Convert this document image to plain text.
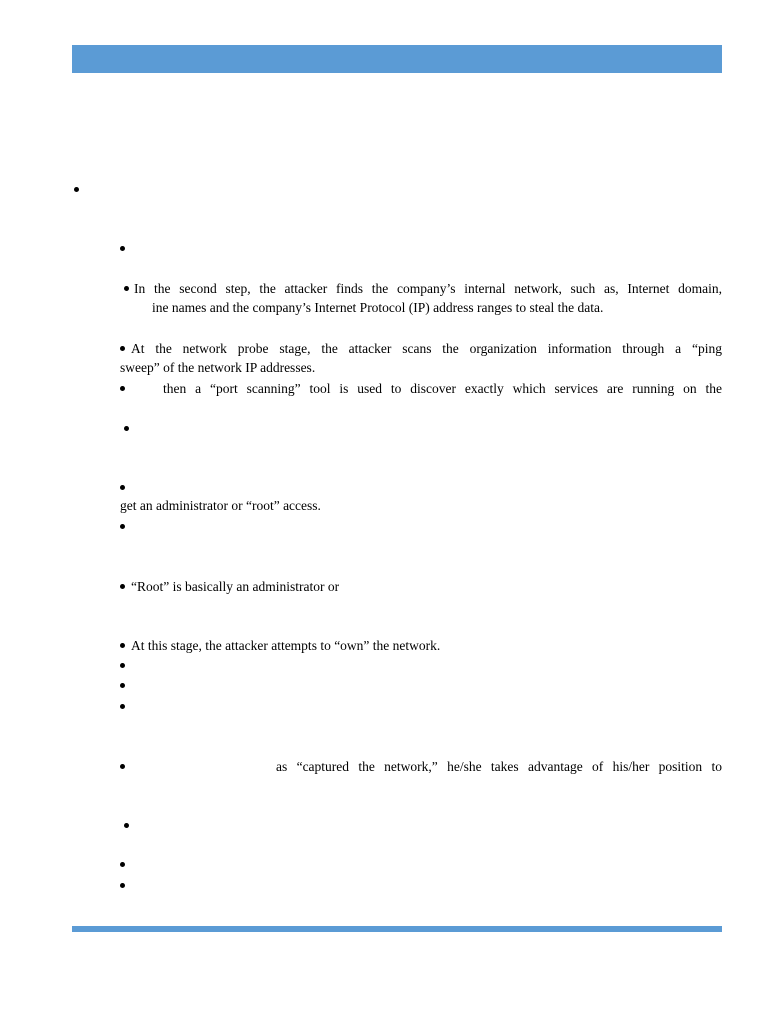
In the second step, the attacker finds the company’s internal network, such as, Internet domain,
ine names and the company’s Internet Protocol (IP) address ranges to steal the data.
At the network probe stage, the attacker scans the organization information through a “ping
sweep” of the network IP addresses.
then a “port scanning” tool is used to discover exactly which services are running on the
get an administrator or “root” access.
“Root” is basically an administrator or
At this stage, the attacker attempts to “own” the network.
as “captured the network,” he/she takes advantage of his/her position to
